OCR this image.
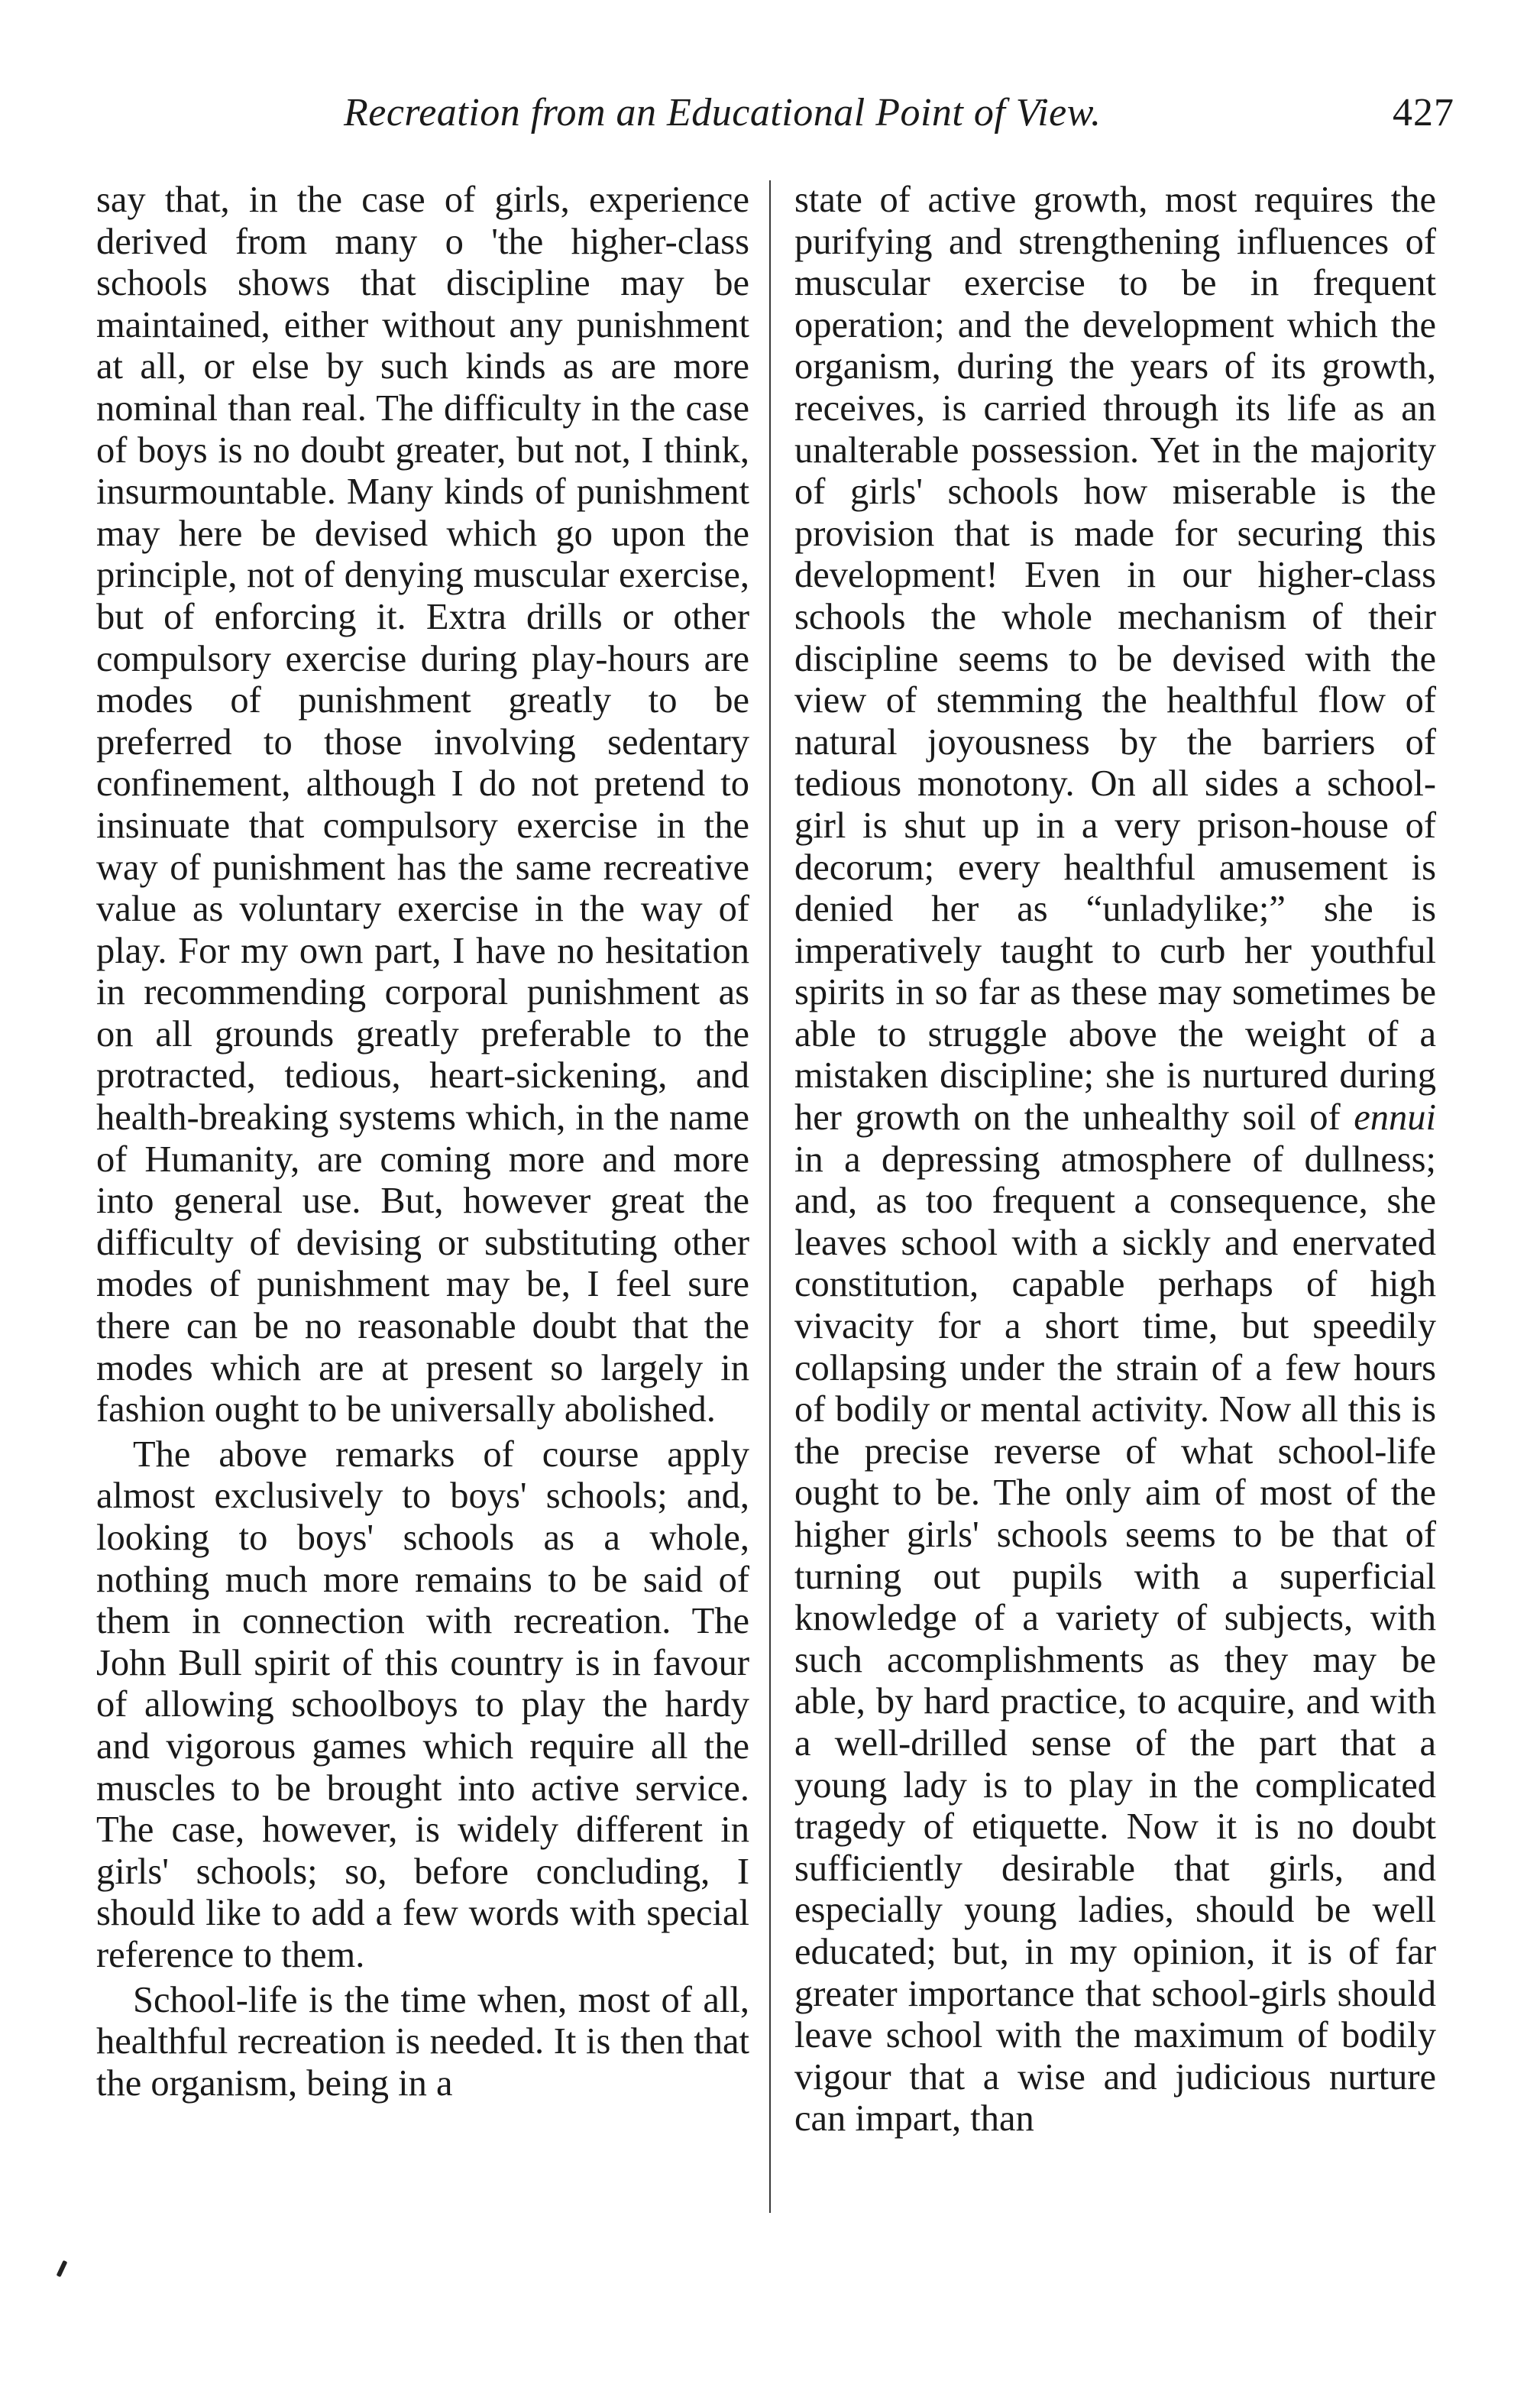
Recreation from an Educational Point of View.	427

say that, in the case of girls, experience derived from many o 'the higher-class schools shows that discipline may be maintained, either without any punishment at all, or else by such kinds as are more nominal than real. The difficulty in the case of boys is no doubt greater, but not, I think, insurmountable. Many kinds of punishment may here be devised which go upon the principle, not of denying muscular exercise, but of enforcing it. Extra drills or other compulsory exercise during play-hours are modes of punishment greatly to be preferred to those involving sedentary confinement, although I do not pretend to insinuate that compulsory exercise in the way of punishment has the same recreative value as voluntary exercise in the way of play. For my own part, I have no hesitation in recommending corporal punishment as on all grounds greatly preferable to the protracted, tedious, heart-sickening, and health-breaking systems which, in the name of Humanity, are coming more and more into general use. But, however great the difficulty of devising or substituting other modes of punishment may be, I feel sure there can be no reasonable doubt that the modes which are at present so largely in fashion ought to be universally abolished.

The above remarks of course apply almost exclusively to boys' schools; and, looking to boys' schools as a whole, nothing much more remains to be said of them in connection with recreation. The John Bull spirit of this country is in favour of allowing schoolboys to play the hardy and vigorous games which require all the muscles to be brought into active service. The case, however, is widely different in girls' schools; so, before concluding, I should like to add a few words with special reference to them.

School-life is the time when, most of all, healthful recreation is needed. It is then that the organism, being in a

state of active growth, most requires the purifying and strengthening influences of muscular exercise to be in frequent operation; and the development which the organism, during the years of its growth, receives, is carried through its life as an unalterable possession. Yet in the majority of girls' schools how miserable is the provision that is made for securing this development! Even in our higher-class schools the whole mechanism of their discipline seems to be devised with the view of stemming the healthful flow of natural joyousness by the barriers of tedious monotony. On all sides a school-girl is shut up in a very prison-house of decorum; every healthful amusement is denied her as “unladylike;” she is imperatively taught to curb her youthful spirits in so far as these may sometimes be able to struggle above the weight of a mistaken discipline; she is nurtured during her growth on the unhealthy soil of ennui in a depressing atmosphere of dullness; and, as too frequent a consequence, she leaves school with a sickly and enervated constitution, capable perhaps of high vivacity for a short time, but speedily collapsing under the strain of a few hours of bodily or mental activity. Now all this is the precise reverse of what school-life ought to be. The only aim of most of the higher girls' schools seems to be that of turning out pupils with a superficial knowledge of a variety of subjects, with such accomplishments as they may be able, by hard practice, to acquire, and with a well-drilled sense of the part that a young lady is to play in the complicated tragedy of etiquette. Now it is no doubt sufficiently desirable that girls, and especially young ladies, should be well educated; but, in my opinion, it is of far greater importance that school-girls should leave school with the maximum of bodily vigour that a wise and judicious nurture can impart, than
